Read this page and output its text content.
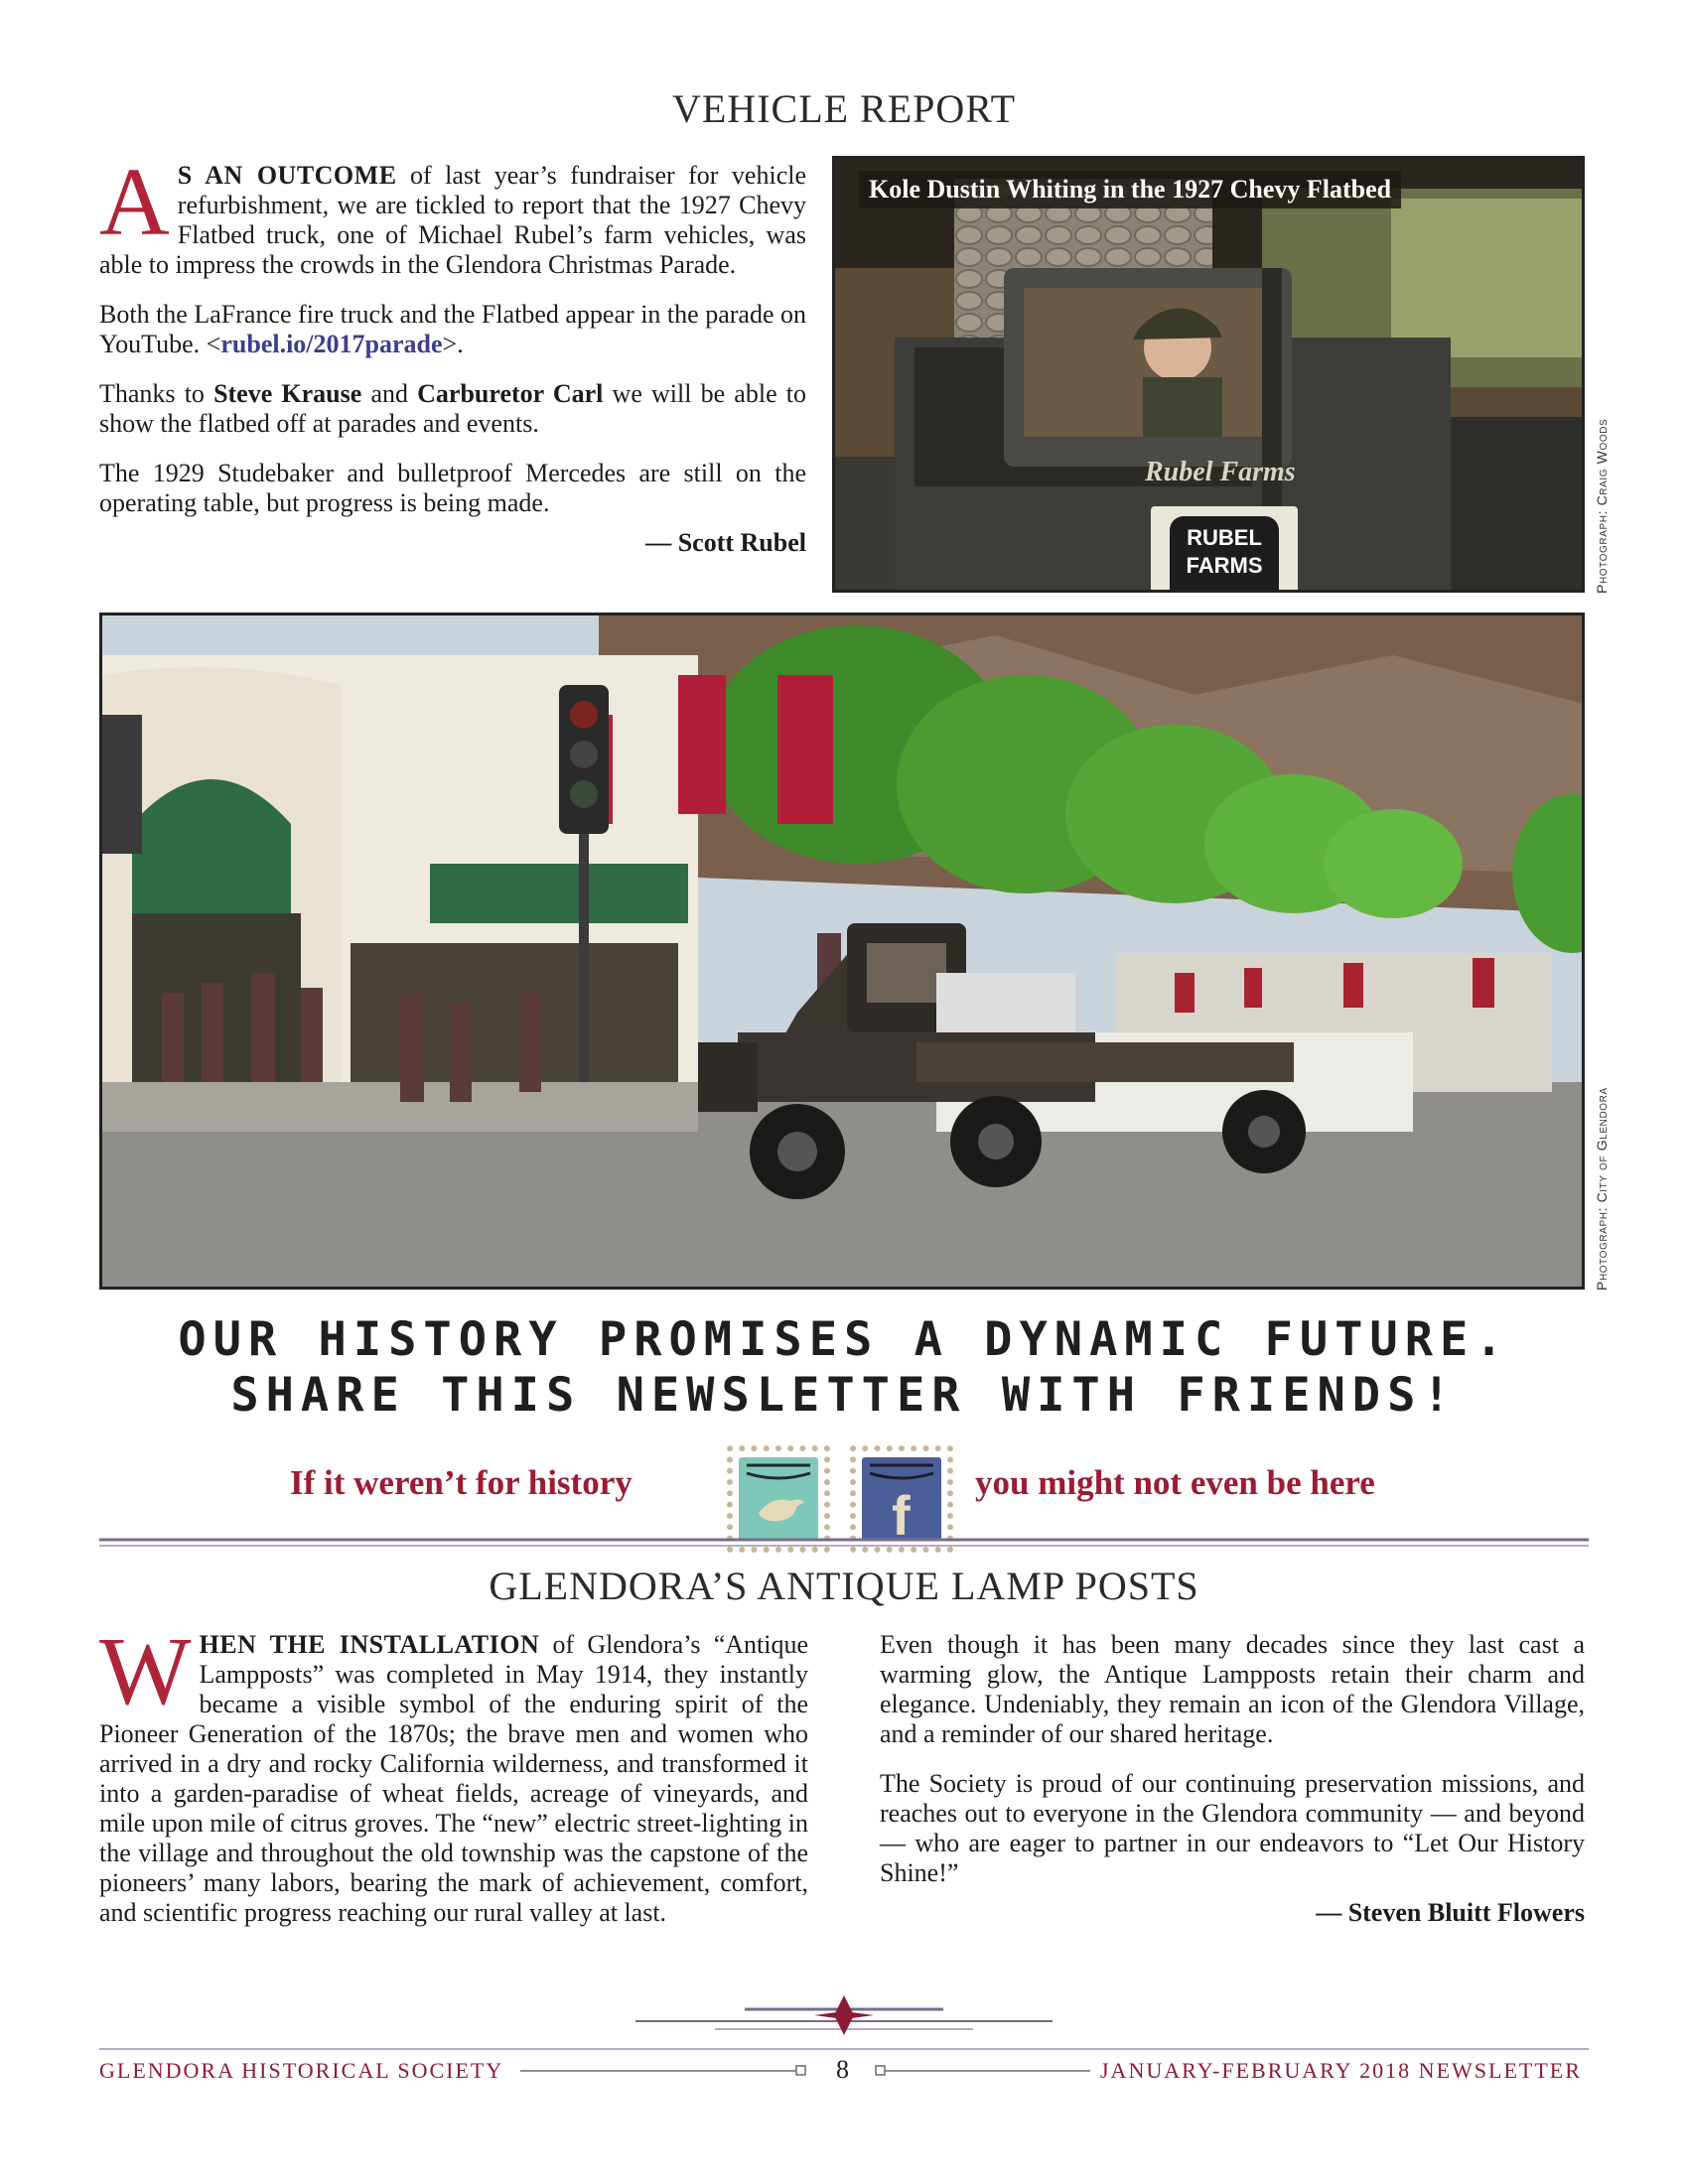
VEHICLE REPORT

A S AN OUTCOME of last year’s fundraiser for vehicle refurbishment, we are tickled to report that the 1927 Chevy Flatbed truck, one of Michael Rubel’s farm vehicles, was able to impress the crowds in the Glendora Christmas Parade.

Both the LaFrance fire truck and the Flatbed appear in the parade on YouTube. <rubel.io/2017parade>.

Thanks to Steve Krause and Carburetor Carl we will be able to show the flatbed off at parades and events.

The 1929 Studebaker and bulletproof Mercedes are still on the operating table, but progress is being made.

— Scott Rubel
Kole Dustin Whiting in the 1927 Chevy Flatbed
Rubel Farms
RUBEL
FARMS	Photograph: Craig Woods
Photograph: City of Glendora
OUR HISTORY PROMISES A DYNAMIC FUTURE.
SHARE THIS NEWSLETTER WITH FRIENDS!
If it weren’t for history
f
you might not even be here
GLENDORA’S ANTIQUE LAMP POSTS

WHEN THE INSTALLATION of Glendora’s “Antique Lampposts” was completed in May 1914, they instantly became a visible symbol of the enduring spirit of the Pioneer Generation of the 1870s; the brave men and women who arrived in a dry and rocky California wilderness, and transformed it into a garden-paradise of wheat fields, acreage of vineyards, and mile upon mile of citrus groves. The “new” electric street-lighting in the village and throughout the old township was the capstone of the pioneers’ many labors, bearing the mark of achievement, comfort, and scientific progress reaching our rural valley at last.

Even though it has been many decades since they last cast a warming glow, the Antique Lampposts retain their charm and elegance. Undeniably, they remain an icon of the Glendora Village, and a reminder of our shared heritage.

The Society is proud of our continuing preservation missions, and reaches out to everyone in the Glendora community — and beyond — who are eager to partner in our endeavors to “Let Our History Shine!”

— Steven Bluitt Flowers
GLENDORA HISTORICAL SOCIETY	8	JANUARY-FEBRUARY 2018 NEWSLETTER
